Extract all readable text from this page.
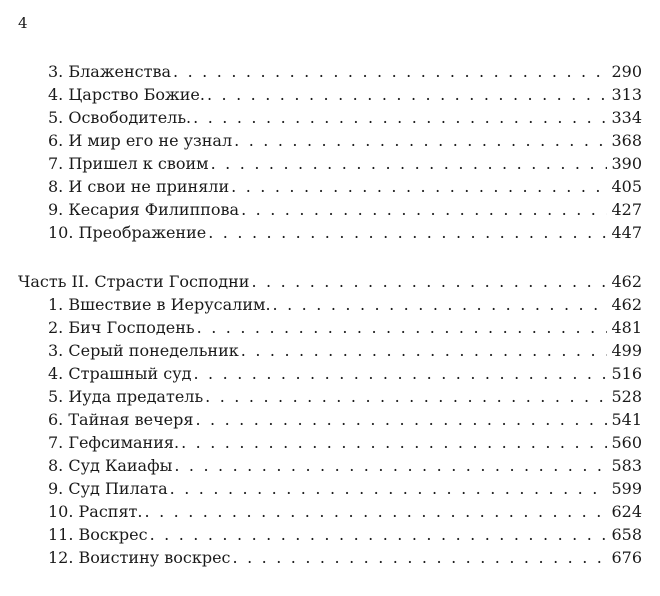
4
3. Блаженства . . .	290
4. Царство Божие. . . .	313
5. Освободитель. . . .	334
6. И мир его не узнал . . .	368
7. Пришел к своим . . .	390
8. И свои не приняли . . .	405
9. Кесария Филиппова . . .	427
10. Преображение . . .	447
Часть II. Страсти Господни . . .	462
1. Вшествие в Иерусалим. . . .	462
2. Бич Господень . . .	481
3. Серый понедельник . . .	499
4. Страшный суд . . .	516
5. Иуда предатель . . .	528
6. Тайная вечеря . . .	541
7. Гефсимания. . . .	560
8. Суд Каиафы . . .	583
9. Суд Пилата . . .	599
10. Распят. . . .	624
11. Воскрес . . .	658
12. Воистину воскрес . . .	676
